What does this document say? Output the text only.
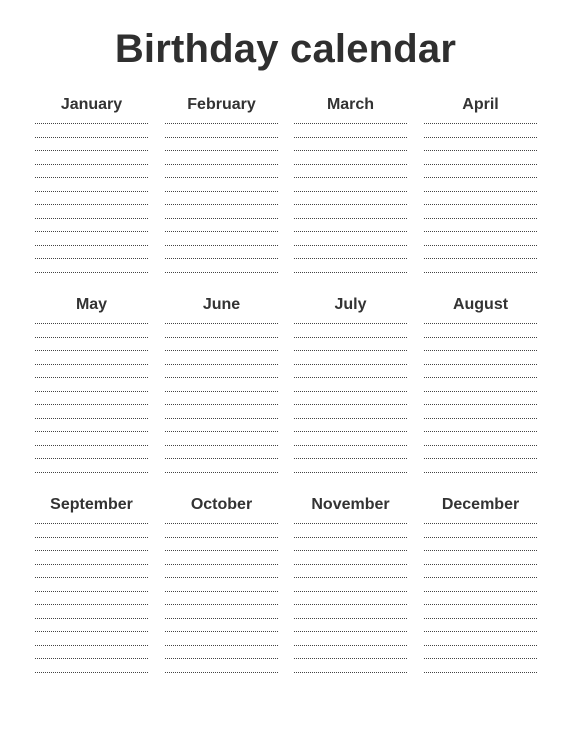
Birthday calendar
January	February	March	April
May	June	July	August
September	October	November	December
